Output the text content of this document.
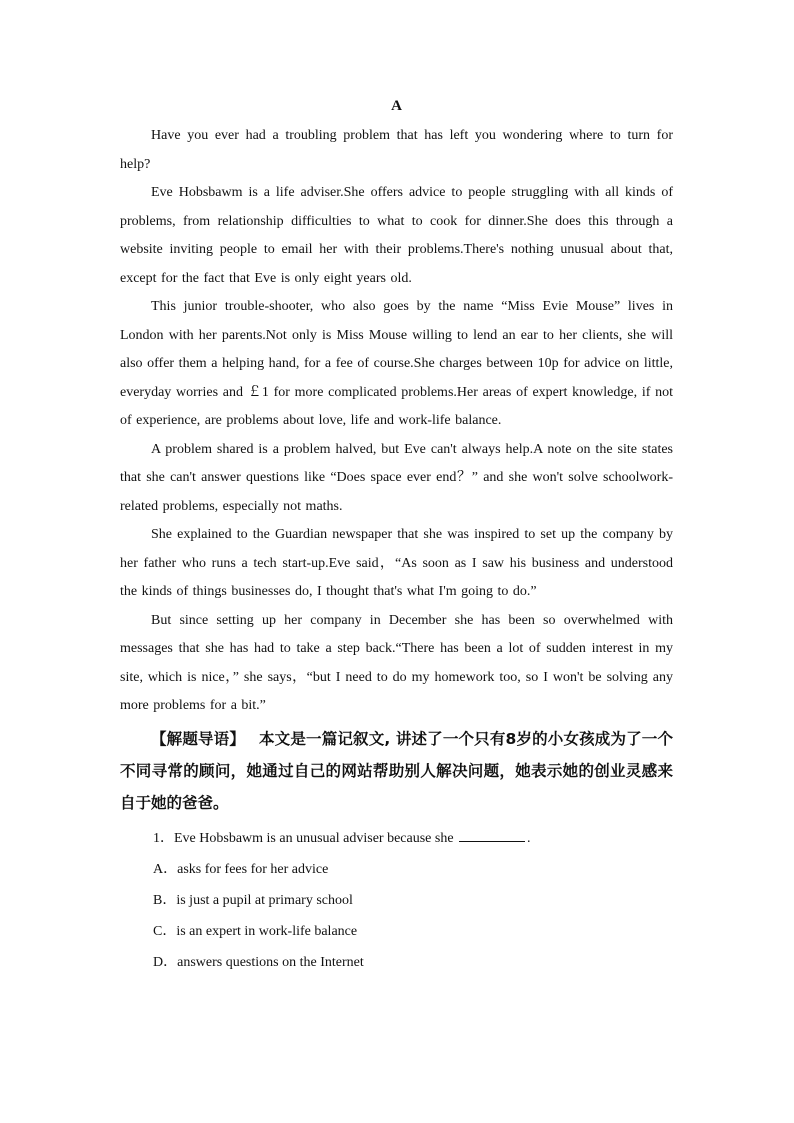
A

Have you ever had a troubling problem that has left you wondering where to turn for help?

Eve Hobsbawm is a life adviser.She offers advice to people struggling with all kinds of problems, from relationship difficulties to what to cook for dinner.She does this through a website inviting people to email her with their problems.There's nothing unusual about that, except for the fact that Eve is only eight years old.

This junior trouble-shooter, who also goes by the name “Miss Evie Mouse” lives in London with her parents.Not only is Miss Mouse willing to lend an ear to her clients, she will also offer them a helping hand, for a fee of course.She charges between 10p for advice on little, everyday worries and ￡1 for more complicated problems.Her areas of expert knowledge, if not of experience, are problems about love, life and work-life balance.

A problem shared is a problem halved, but Eve can't always help.A note on the site states that she can't answer questions like “Does space ever end？” and she won't solve schoolwork-related problems, especially not maths.

She explained to the Guardian newspaper that she was inspired to set up the company by her father who runs a tech start-up.Eve said，“As soon as I saw his business and understood the kinds of things businesses do, I thought that's what I'm going to do.”

But since setting up her company in December she has been so overwhelmed with messages that she has had to take a step back.“There has been a lot of sudden interest in my site, which is nice，” she says，“but I need to do my homework too, so I won't be solving any more problems for a bit.”

【解题导语】 本文是一篇记叙文, 讲述了一个只有8岁的小女孩成为了一个不同寻常的顾问，她通过自己的网站帮助别人解决问题，她表示她的创业灵感来自于她的爸爸。

1．Eve Hobsbawm is an unusual adviser because she	.

A．asks for fees for her advice
B．is just a pupil at primary school
C．is an expert in work-life balance
D．answers questions on the Internet
